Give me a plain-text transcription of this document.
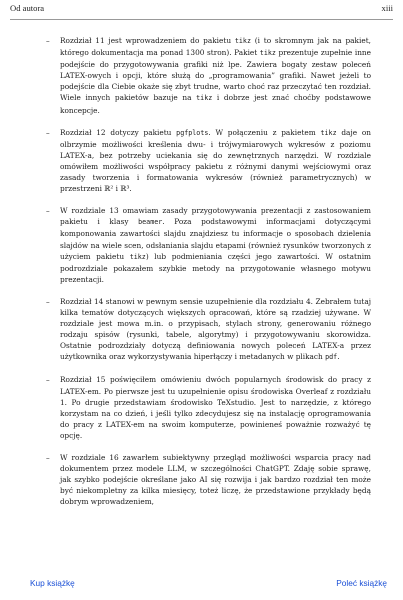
Od autora	xiii
– Rozdział 11 jest wprowadzeniem do pakietu tikz (i to skromnym jak na pakiet, którego dokumentacja ma ponad 1300 stron). Pakiet tikz prezentuje zupełnie inne podejście do przygotowywania grafiki niż lpe. Zawiera bogaty zestaw poleceń LATEX-owych i opcji, które służą do „programowania” grafiki. Nawet jeżeli to podejście dla Ciebie okaże się zbyt trudne, warto choć raz przeczytać ten rozdział. Wiele innych pakietów bazuje na tikz i dobrze jest znać choćby podstawowe koncepcje.
– Rozdział 12 dotyczy pakietu pgfplots. W połączeniu z pakietem tikz daje on olbrzymie możliwości kreślenia dwu- i trójwymiarowych wykresów z poziomu LATEX-a, bez potrzeby uciekania się do zewnętrznych narzędzi. W rozdziale omówiłem możliwości współpracy pakietu z różnymi danymi wejściowymi oraz zasady tworzenia i formatowania wykresów (również parametrycznych) w przestrzeni ℝ² i ℝ³.
– W rozdziale 13 omawiam zasady przygotowywania prezentacji z zastosowaniem pakietu i klasy beamer. Poza podstawowymi informacjami dotyczącymi komponowania zawartości slajdu znajdziesz tu informacje o sposobach dzielenia slajdów na wiele scen, odsłaniania slajdu etapami (również rysunków tworzonych z użyciem pakietu tikz) lub podmieniania części jego zawartości. W ostatnim podrozdziale pokazałem szybkie metody na przygotowanie własnego motywu prezentacji.
– Rozdział 14 stanowi w pewnym sensie uzupełnienie dla rozdziału 4. Zebrałem tutaj kilka tematów dotyczących większych opracowań, które są rzadziej używane. W rozdziale jest mowa m.in. o przypisach, stylach strony, generowaniu różnego rodzaju spisów (rysunki, tabele, algorytmy) i przygotowywaniu skorowidza. Ostatnie podrozdziały dotyczą definiowania nowych poleceń LATEX-a przez użytkownika oraz wykorzystywania hiperłączy i metadanych w plikach pdf.
– Rozdział 15 poświęciłem omówieniu dwóch popularnych środowisk do pracy z LATEX-em. Po pierwsze jest tu uzupełnienie opisu środowiska Overleaf z rozdziału 1. Po drugie przedstawiam środowisko TeXstudio. Jest to narzędzie, z którego korzystam na co dzień, i jeśli tylko zdecydujesz się na instalację oprogramowania do pracy z LATEX-em na swoim komputerze, powinieneś poważnie rozważyć tę opcję.
– W rozdziale 16 zawarłem subiektywny przegląd możliwości wsparcia pracy nad dokumentem przez modele LLM, w szczególności ChatGPT. Zdaję sobie sprawę, jak szybko podejście określane jako AI się rozwija i jak bardzo rozdział ten może być niekompletny za kilka miesięcy, toteż liczę, że przedstawione przykłady będą dobrym wprowadzeniem,
Kup książkę	Poleć książkę
